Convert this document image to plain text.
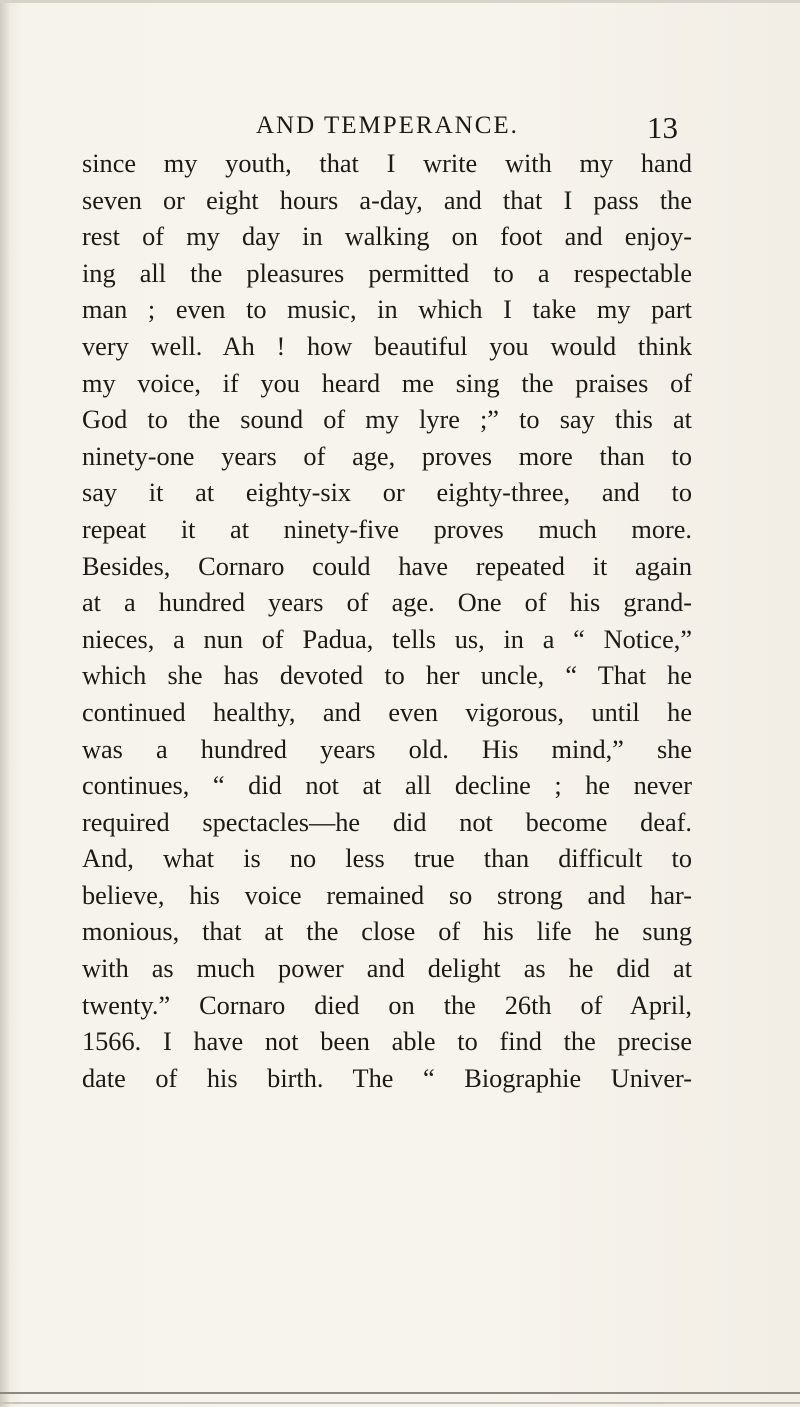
AND TEMPERANCE.	13
since my youth, that I write with my hand
seven or eight hours a-day, and that I pass the
rest of my day in walking on foot and enjoy-
ing all the pleasures permitted to a respectable
man ; even to music, in which I take my part
very well. Ah ! how beautiful you would think
my voice, if you heard me sing the praises of
God to the sound of my lyre ;” to say this at
ninety-one years of age, proves more than to
say it at eighty-six or eighty-three, and to
repeat it at ninety-five proves much more.
Besides, Cornaro could have repeated it again
at a hundred years of age. One of his grand-
nieces, a nun of Padua, tells us, in a “ Notice,”
which she has devoted to her uncle, “ That he
continued healthy, and even vigorous, until he
was a hundred years old. His mind,” she
continues, “ did not at all decline ; he never
required spectacles—he did not become deaf.
And, what is no less true than difficult to
believe, his voice remained so strong and har-
monious, that at the close of his life he sung
with as much power and delight as he did at
twenty.” Cornaro died on the 26th of April,
1566. I have not been able to find the precise
date of his birth. The “ Biographie Univer-
